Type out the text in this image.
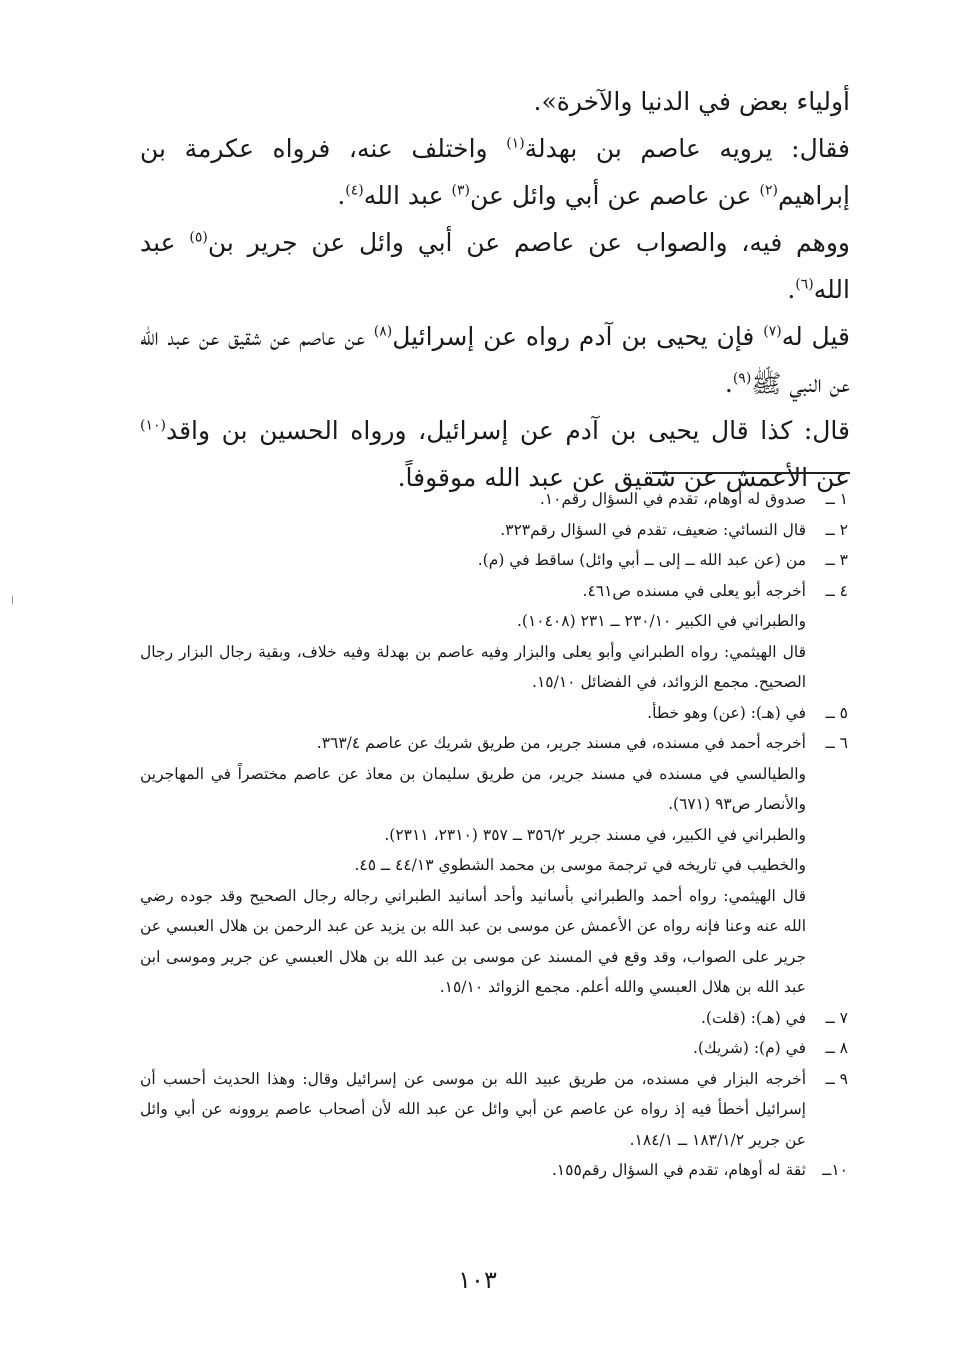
أولياء بعض في الدنيا والآخرة».

فقال: يرويه عاصم بن بهدلة$^{(١)}$ واختلف عنه، فرواه عكرمة بن إبراهيم$^{(٢)}$ عن عاصم عن أبي وائل عن$^{(٣)}$ عبد الله$^{(٤)}$.

ووهم فيه، والصواب عن عاصم عن أبي وائل عن جرير بن$^{(٥)}$ عبد الله$^{(٦)}$.

قيل له$^{(٧)}$ فإن يحيى بن آدم رواه عن إسرائيل$^{(٨)}$ عن عاصم عن شقيق عن عبد الله عن النبي ﷺ$^{(٩)}$.

قال: كذا قال يحيى بن آدم عن إسرائيل، ورواه الحسين بن واقد$^{(١٠)}$ عن الأعمش عن شقيق عن عبد الله موقوفاً.

١ ــ
صدوق له أوهام، تقدم في السؤال رقم١٠.
٢ ــ
قال النسائي: ضعيف، تقدم في السؤال رقم٣٢٣.
٣ ــ
من (عن عبد الله ــ إلى ــ أبي وائل) ساقط في (م).
٤ ــ
أخرجه أبو يعلى في مسنده ص٤٦١.
والطبراني في الكبير ٢٣٠/١٠ ــ ٢٣١ (١٠٤٠٨).
قال الهيثمي: رواه الطبراني وأبو يعلى والبزار وفيه عاصم بن بهدلة وفيه خلاف، وبقية رجال البزار رجال الصحيح. مجمع الزوائد، في الفضائل ١٥/١٠.
٥ ــ
في (هـ): (عن) وهو خطأ.
٦ ــ
أخرجه أحمد في مسنده، في مسند جرير، من طريق شريك عن عاصم ٣٦٣/٤.
والطيالسي في مسنده في مسند جرير، من طريق سليمان بن معاذ عن عاصم مختصراً في المهاجرين والأنصار ص٩٣ (٦٧١).
والطبراني في الكبير، في مسند جرير ٣٥٦/٢ ــ ٣٥٧ (٢٣١٠، ٢٣١١).
والخطيب في تاريخه في ترجمة موسى بن محمد الشطوي ٤٤/١٣ ــ ٤٥.
قال الهيثمي: رواه أحمد والطبراني بأسانيد وأحد أسانيد الطبراني رجاله رجال الصحيح وقد جوده رضي الله عنه وعنا فإنه رواه عن الأعمش عن موسى بن عبد الله بن يزيد عن عبد الرحمن بن هلال العبسي عن جرير على الصواب، وقد وقع في المسند عن موسى بن عبد الله بن هلال العبسي عن جرير وموسى ابن عبد الله بن هلال العبسي والله أعلم. مجمع الزوائد ١٥/١٠.
٧ ــ
في (هـ): (قلت).
٨ ــ
في (م): (شريك).
٩ ــ
أخرجه البزار في مسنده، من طريق عبيد الله بن موسى عن إسرائيل وقال: وهذا الحديث أحسب أن إسرائيل أخطأ فيه إذ رواه عن عاصم عن أبي وائل عن عبد الله لأن أصحاب عاصم يروونه عن أبي وائل عن جرير ١٨٣/١/٢ ــ ١٨٤/١.
١٠ــ
ثقة له أوهام، تقدم في السؤال رقم١٥٥.
١٠٣
